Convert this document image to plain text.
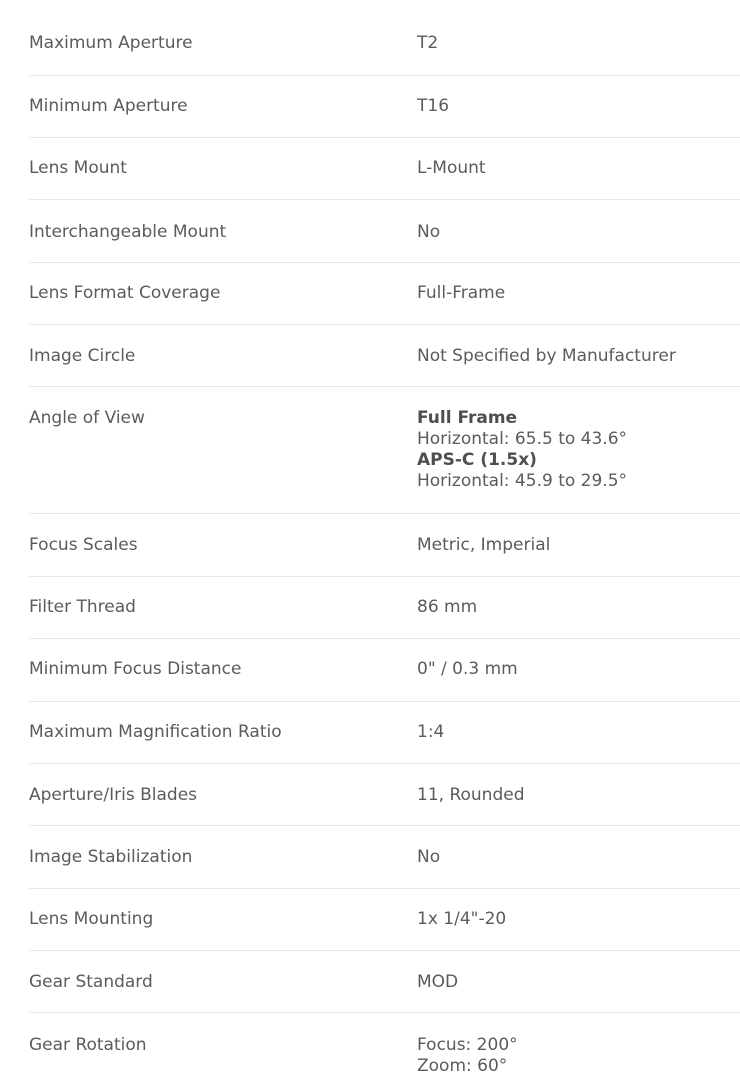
Maximum Aperture	T2
Minimum Aperture	T16
Lens Mount	L-Mount
Interchangeable Mount	No
Lens Format Coverage	Full-Frame
Image Circle	Not Specified by Manufacturer
Angle of View	Full Frame
Horizontal: 65.5 to 43.6°
APS-C (1.5x)
Horizontal: 45.9 to 29.5°
Focus Scales	Metric, Imperial
Filter Thread	86 mm
Minimum Focus Distance	0" / 0.3 mm
Maximum Magnification Ratio	1:4
Aperture/Iris Blades	11, Rounded
Image Stabilization	No
Lens Mounting	1x 1/4"-20
Gear Standard	MOD
Gear Rotation	Focus: 200°
Zoom: 60°
